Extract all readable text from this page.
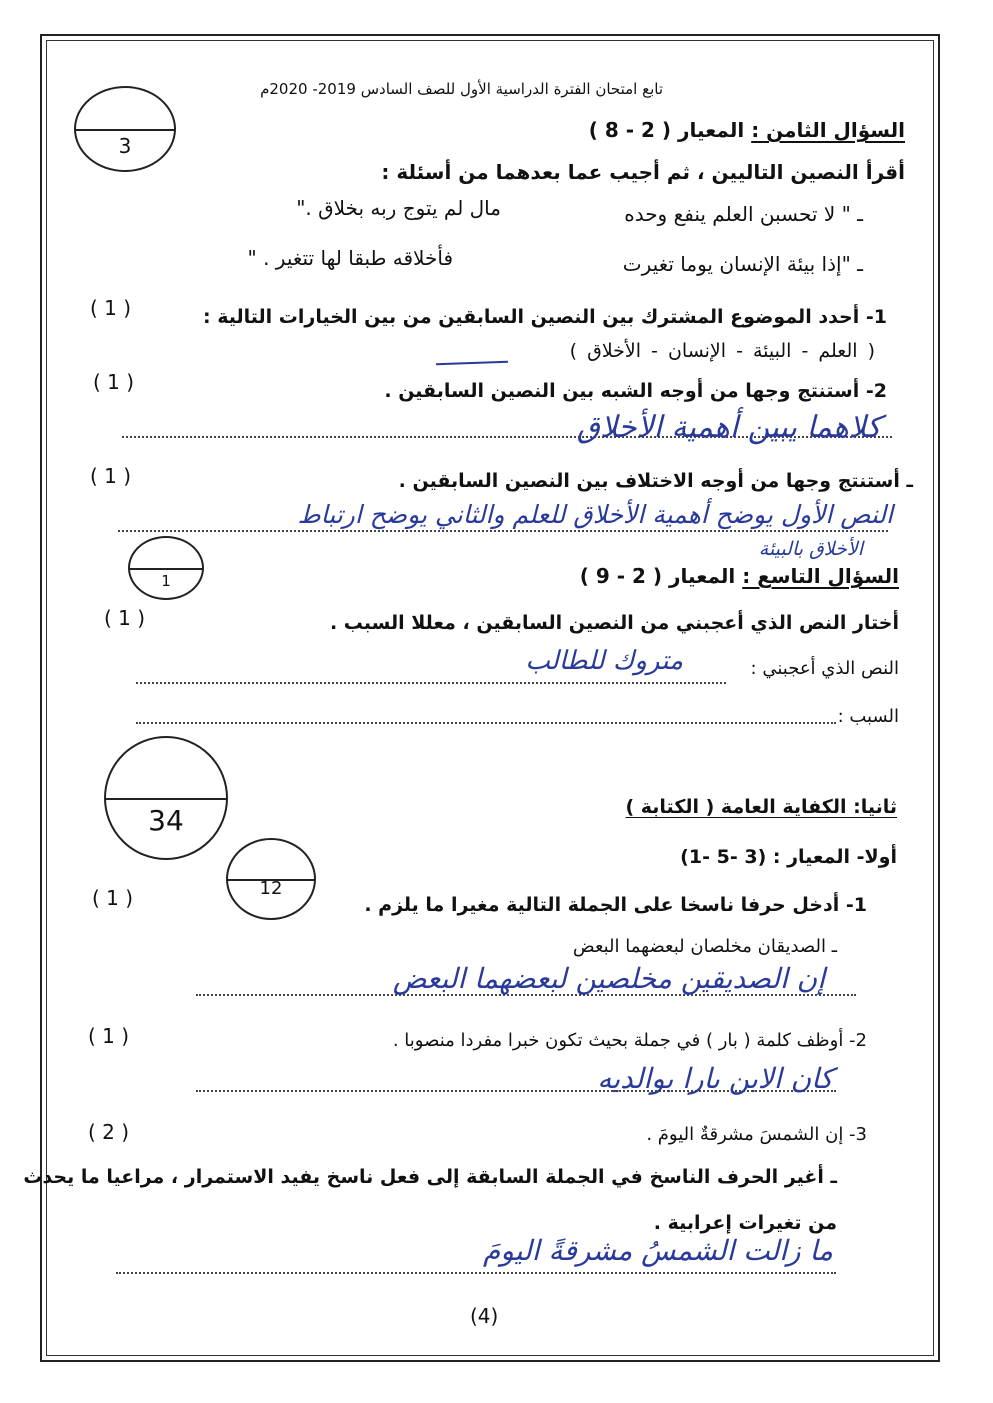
تابع امتحان الفترة الدراسية الأول للصف السادس 2019- 2020م
3
السؤال الثامن : المعيار ( 2 - 8 )
أقرأ النصين التاليين ، ثم أجيب عما بعدهما من أسئلة :
ـ " لا تحسبن العلم ينفع وحده
مال لم يتوج ربه بخلاق ."
ـ "إذا بيئة الإنسان يوما تغيرت
فأخلاقه طبقا لها تتغير . "
1- أحدد الموضوع المشترك بين النصين السابقين من بين الخيارات التالية :
( 1 )
( العلم - البيئة - الإنسان - الأخلاق )
( 1 )	2- أستنتج وجها من أوجه الشبه بين النصين السابقين .
كلاهما يبين أهمية الأخلاق
( 1 )	ـ أستنتج وجها من أوجه الاختلاف بين النصين السابقين .
النص الأول يوضح أهمية الأخلاق للعلم والثاني يوضح ارتباط
الأخلاق بالبيئة
1	السؤال التاسع : المعيار ( 2 - 9 )
( 1 )	أختار النص الذي أعجبني من النصين السابقين ، معللا السبب .
النص الذي أعجبني :
متروك للطالب
السبب :
34	ثانيا: الكفاية العامة ( الكتابة )
12
أولا- المعيار : (3 -5 -1)
( 1 )	1- أدخل حرفا ناسخا على الجملة التالية مغيرا ما يلزم .
ـ الصديقان مخلصان لبعضهما البعض
إن الصديقين مخلصين لبعضهما البعض
( 1 )	2- أوظف كلمة ( بار ) في جملة بحيث تكون خبرا مفردا منصوبا .
كان الابن بارا بوالديه
( 2 )	3- إن الشمسَ مشرقةٌ اليومَ .
ـ أغير الحرف الناسخ في الجملة السابقة إلى فعل ناسخ يفيد الاستمرار ، مراعيا ما يحدث
من تغيرات إعرابية .
ما زالت الشمسُ مشرقةً اليومَ
(4)
